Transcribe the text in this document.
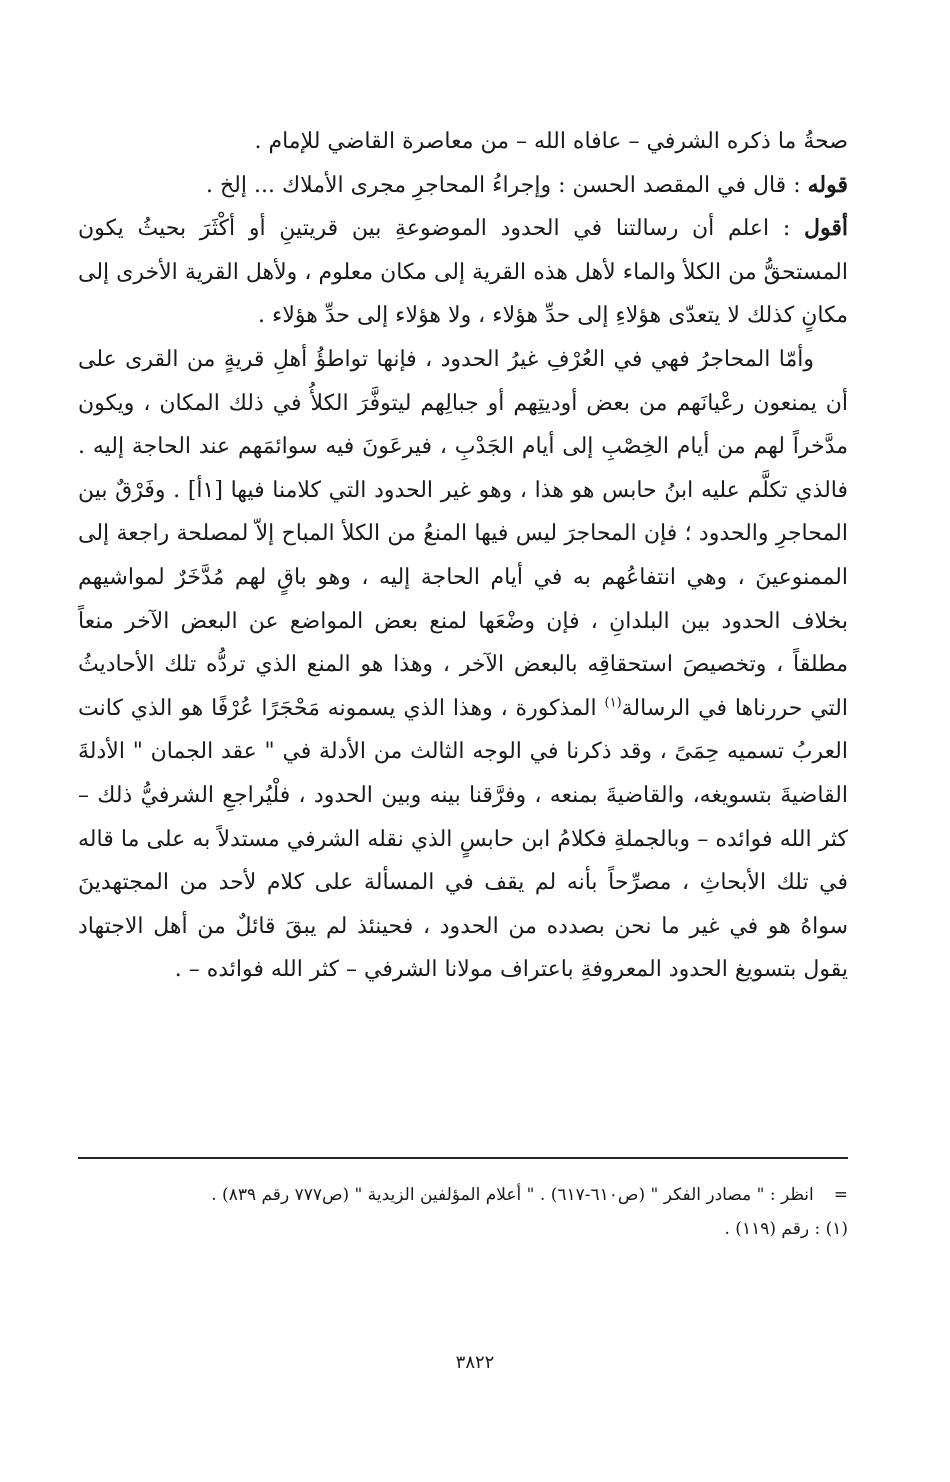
صحةُ ما ذكره الشرفي – عافاه الله – من معاصرة القاضي للإمام .

قوله : قال في المقصد الحسن : وإجراءُ المحاجرِ مجرى الأملاك ... إلخ .

أقول : اعلم أن رسالتنا في الحدود الموضوعةِ بين قريتينِ أو أكْثَرَ بحيثُ يكون المستحقُّ من الكلأ والماء لأهل هذه القرية إلى مكان معلوم ، ولأهل القرية الأخرى إلى مكانٍ كذلك لا يتعدّى هؤلاءِ إلى حدِّ هؤلاء ، ولا هؤلاء إلى حدِّ هؤلاء .

وأمّا المحاجرُ فهي في العُرْفِ غيرُ الحدود ، فإنها تواطؤُ أهلِ قريةٍ من القرى على أن يمنعون رعْيانَهم من بعض أوديتِهم أو جبالِهم ليتوفَّرَ الكلأُ في ذلك المكان ، ويكون مدَّخراً لهم من أيام الخِصْبِ إلى أيام الجَدْبِ ، فيرعَونَ فيه سوائمَهم عند الحاجة إليه . فالذي تكلَّم عليه ابنُ حابس هو هذا ، وهو غير الحدود التي كلامنا فيها [١أ] . وفَرْقٌ بين المحاجرِ والحدود ؛ فإن المحاجرَ ليس فيها المنعُ من الكلأ المباح إلاّ لمصلحة راجعة إلى الممنوعينَ ، وهي انتفاعُهم به في أيام الحاجة إليه ، وهو باقٍ لهم مُدَّخَرٌ لمواشيهم بخلاف الحدود بين البلدانِ ، فإن وضْعَها لمنع بعض المواضع عن البعض الآخر منعاً مطلقاً ، وتخصيصَ استحقاقِه بالبعض الآخر ، وهذا هو المنع الذي تردُّه تلك الأحاديثُ التي حررناها في الرسالة$^{(١)}$ المذكورة ، وهذا الذي يسمونه مَحْجَرًا عُرْفًا هو الذي كانت العربُ تسميه حِمَىً ، وقد ذكرنا في الوجه الثالث من الأدلة في " عقد الجمان " الأدلةَ القاضيةَ بتسويغه، والقاضيةَ بمنعه ، وفرَّقنا بينه وبين الحدود ، فلْيُراجعِ الشرفيُّ ذلك – كثر الله فوائده – وبالجملةِ فكلامُ ابن حابسٍ الذي نقله الشرفي مستدلاً به على ما قاله في تلك الأبحاثِ ، مصرِّحاً بأنه لم يقف في المسألة على كلام لأحد من المجتهدينَ سواهُ هو في غير ما نحن بصدده من الحدود ، فحينئذ لم يبقَ قائلٌ من أهل الاجتهاد يقول بتسويغ الحدود المعروفةِ باعتراف مولانا الشرفي – كثر الله فوائده – .

=انظر : " مصادر الفكر " (ص٦١٠-٦١٧) . " أعلام المؤلفين الزيدية " (ص٧٧٧ رقم ٨٣٩) .

(١) : رقم (١١٩) .

٣٨٢٢
